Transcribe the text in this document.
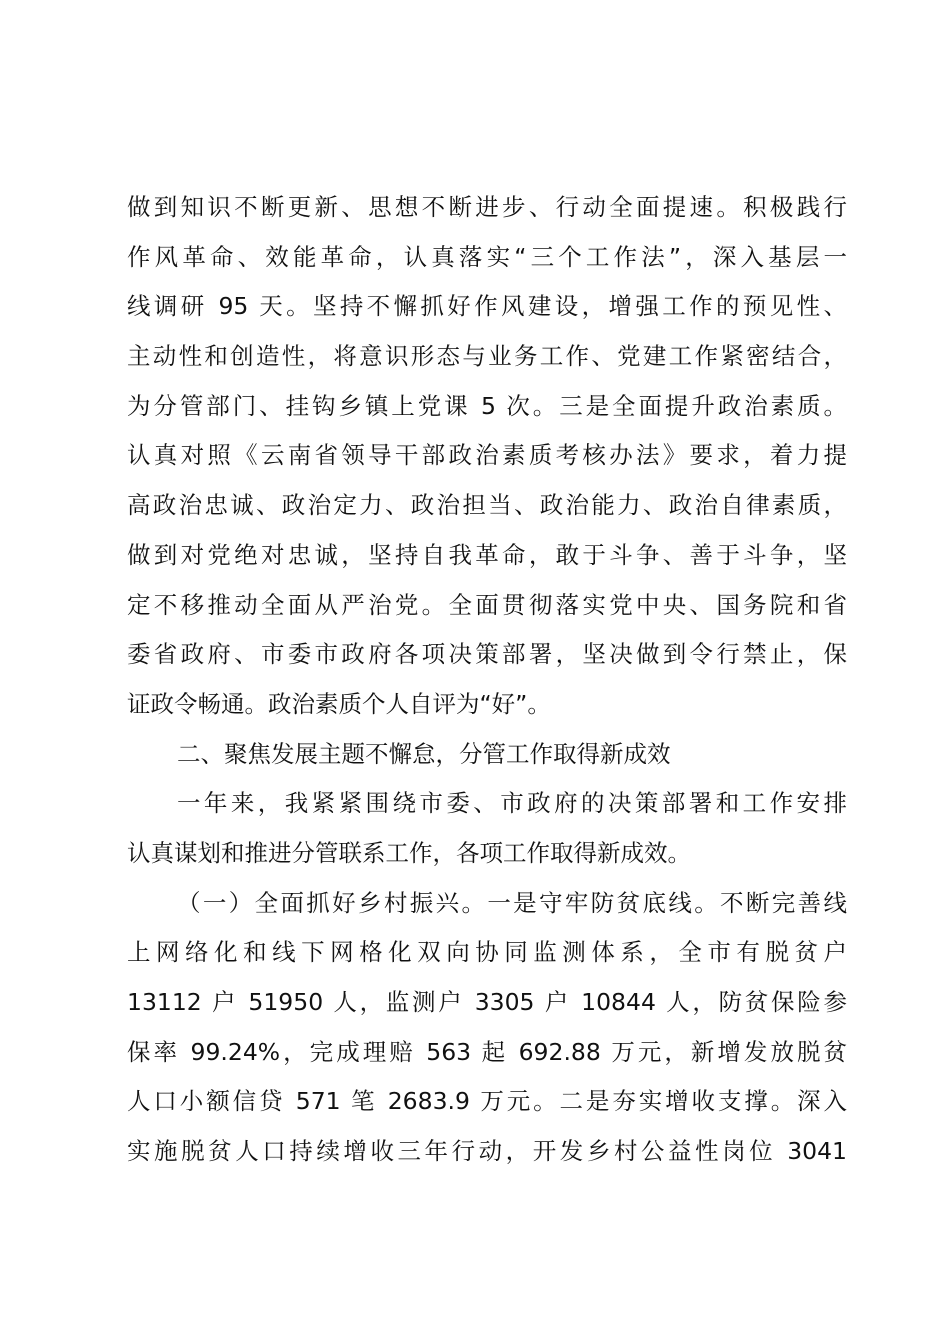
做到知识不断更新、思想不断进步、行动全面提速。积极践行
作风革命、效能革命，认真落实“三个工作法”，深入基层一
线调研 95 天。坚持不懈抓好作风建设，增强工作的预见性、
主动性和创造性，将意识形态与业务工作、党建工作紧密结合，
为分管部门、挂钩乡镇上党课 5 次。三是全面提升政治素质。
认真对照《云南省领导干部政治素质考核办法》要求，着力提
高政治忠诚、政治定力、政治担当、政治能力、政治自律素质，
做到对党绝对忠诚，坚持自我革命，敢于斗争、善于斗争，坚
定不移推动全面从严治党。全面贯彻落实党中央、国务院和省
委省政府、市委市政府各项决策部署，坚决做到令行禁止，保
证政令畅通。政治素质个人自评为“好”。
二、聚焦发展主题不懈怠，分管工作取得新成效
一年来，我紧紧围绕市委、市政府的决策部署和工作安排
认真谋划和推进分管联系工作，各项工作取得新成效。
（一）全面抓好乡村振兴。一是守牢防贫底线。不断完善线
上网络化和线下网格化双向协同监测体系，全市有脱贫户
13112 户 51950 人，监测户 3305 户 10844 人，防贫保险参
保率 99.24%，完成理赔 563 起 692.88 万元，新增发放脱贫
人口小额信贷 571 笔 2683.9 万元。二是夯实增收支撑。深入
实施脱贫人口持续增收三年行动，开发乡村公益性岗位 3041
